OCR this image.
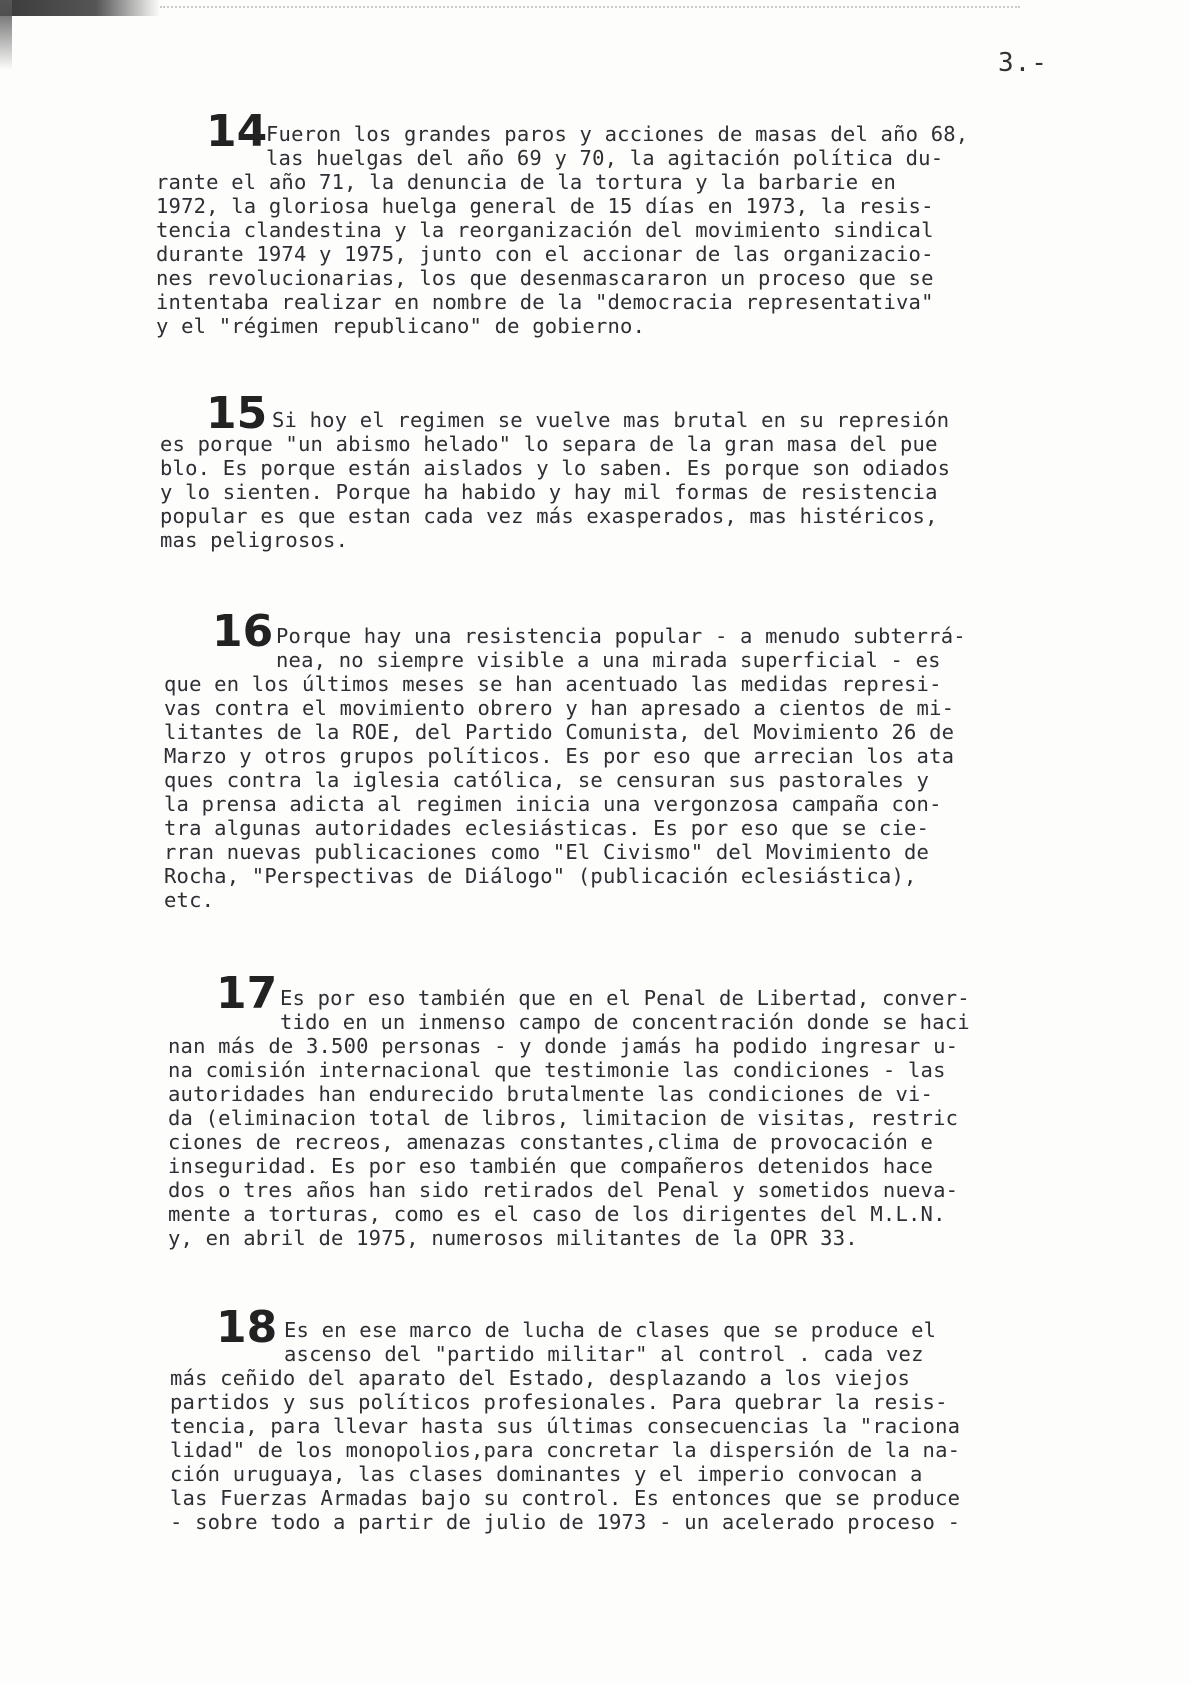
3.-
14
Fueron los grandes paros y acciones de masas del año 68,
las huelgas del año 69 y 70, la agitación política du-
rante el año 71, la denuncia de la tortura y la barbarie en
1972, la gloriosa huelga general de 15 días en 1973, la resis-
tencia clandestina y la reorganización del movimiento sindical
durante 1974 y 1975, junto con el accionar de las organizacio-
nes revolucionarias, los que desenmascararon un proceso que se
intentaba realizar en nombre de la "democracia representativa"
y el "régimen republicano" de gobierno.
15 Si hoy el regimen se vuelve mas brutal en su represión
es porque "un abismo helado" lo separa de la gran masa del pue
blo. Es porque están aislados y lo saben. Es porque son odiados
y lo sienten. Porque ha habido y hay mil formas de resistencia
popular es que estan cada vez más exasperados, mas histéricos,
mas peligrosos.
16 Porque hay una resistencia popular - a menudo subterrá-
nea, no siempre visible a una mirada superficial - es
que en los últimos meses se han acentuado las medidas represi-
vas contra el movimiento obrero y han apresado a cientos de mi-
litantes de la ROE, del Partido Comunista, del Movimiento 26 de
Marzo y otros grupos políticos. Es por eso que arrecian los ata
ques contra la iglesia católica, se censuran sus pastorales y
la prensa adicta al regimen inicia una vergonzosa campaña con-
tra algunas autoridades eclesiásticas. Es por eso que se cie-
rran nuevas publicaciones como "El Civismo" del Movimiento de
Rocha, "Perspectivas de Diálogo" (publicación eclesiástica),
etc.
17 Es por eso también que en el Penal de Libertad, conver-
tido en un inmenso campo de concentración donde se haci
nan más de 3.500 personas - y donde jamás ha podido ingresar u-
na comisión internacional que testimonie las condiciones - las
autoridades han endurecido brutalmente las condiciones de vi-
da (eliminacion total de libros, limitacion de visitas, restric
ciones de recreos, amenazas constantes,clima de provocación e
inseguridad. Es por eso también que compañeros detenidos hace
dos o tres años han sido retirados del Penal y sometidos nueva-
mente a torturas, como es el caso de los dirigentes del M.L.N.
y, en abril de 1975, numerosos militantes de la OPR 33.
18 Es en ese marco de lucha de clases que se produce el
ascenso del "partido militar" al control . cada vez
más ceñido del aparato del Estado, desplazando a los viejos
partidos y sus políticos profesionales. Para quebrar la resis-
tencia, para llevar hasta sus últimas consecuencias la "raciona
lidad" de los monopolios,para concretar la dispersión de la na-
ción uruguaya, las clases dominantes y el imperio convocan a
las Fuerzas Armadas bajo su control. Es entonces que se produce
- sobre todo a partir de julio de 1973 - un acelerado proceso -
